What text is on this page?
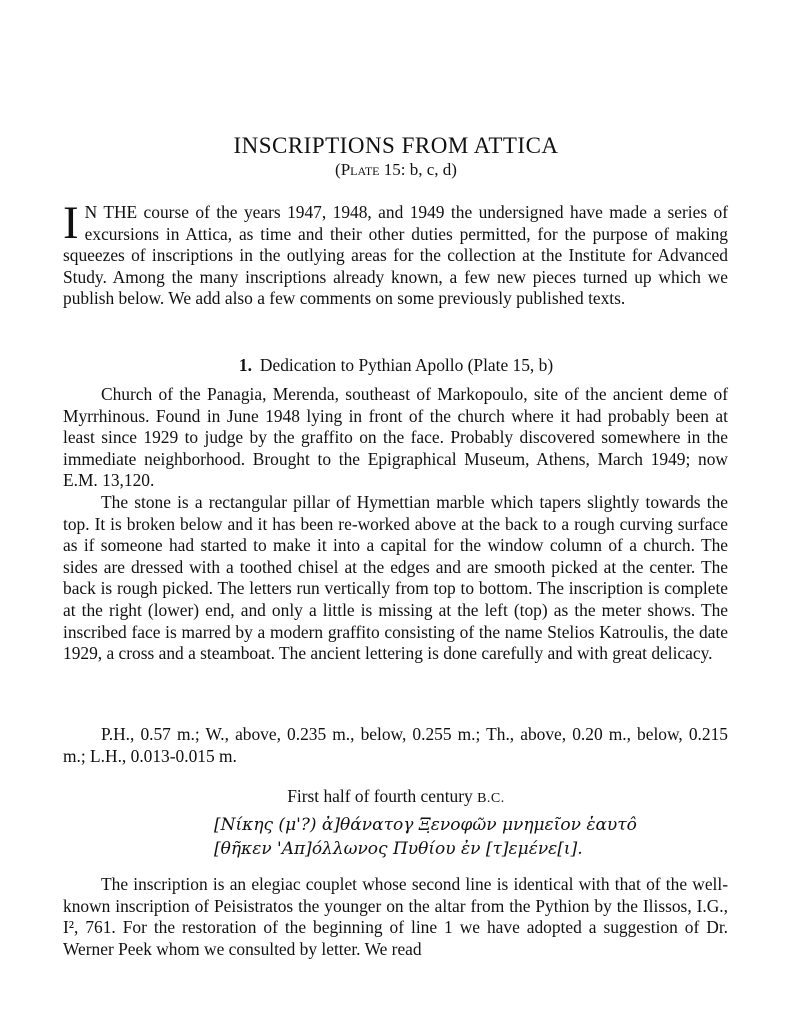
INSCRIPTIONS FROM ATTICA
(Plate 15: b, c, d)
I N THE course of the years 1947, 1948, and 1949 the undersigned have made a series of excursions in Attica, as time and their other duties permitted, for the purpose of making squeezes of inscriptions in the outlying areas for the collection at the Institute for Advanced Study. Among the many inscriptions already known, a few new pieces turned up which we publish below. We add also a few comments on some previously published texts.
1. Dedication to Pythian Apollo (Plate 15, b)

Church of the Panagia, Merenda, southeast of Markopoulo, site of the ancient deme of Myrrhinous. Found in June 1948 lying in front of the church where it had probably been at least since 1929 to judge by the graffito on the face. Probably discovered somewhere in the immediate neighborhood. Brought to the Epigraphical Museum, Athens, March 1949; now E.M. 13,120.

The stone is a rectangular pillar of Hymettian marble which tapers slightly towards the top. It is broken below and it has been re-worked above at the back to a rough curving surface as if someone had started to make it into a capital for the window column of a church. The sides are dressed with a toothed chisel at the edges and are smooth picked at the center. The back is rough picked. The letters run vertically from top to bottom. The inscription is complete at the right (lower) end, and only a little is missing at the left (top) as the meter shows. The inscribed face is marred by a modern graffito consisting of the name Stelios Katroulis, the date 1929, a cross and a steamboat. The ancient lettering is done carefully and with great delicacy.

P.H., 0.57 m.; W., above, 0.235 m., below, 0.255 m.; Th., above, 0.20 m., below, 0.215 m.; L.H., 0.013-0.015 m.

First half of fourth century B.C.
[Νίκης (μ'?) ἀ]θάνατογ Ξ̣ενοφῶν μνημεῖον ἑαυτô
[θῆκεν 'Απ]όλλωνος Πυθίου ἐν [τ]εμένε[ι].

The inscription is an elegiac couplet whose second line is identical with that of the well-known inscription of Peisistratos the younger on the altar from the Pythion by the Ilissos, I.G., I², 761. For the restoration of the beginning of line 1 we have adopted a suggestion of Dr. Werner Peek whom we consulted by letter. We read
